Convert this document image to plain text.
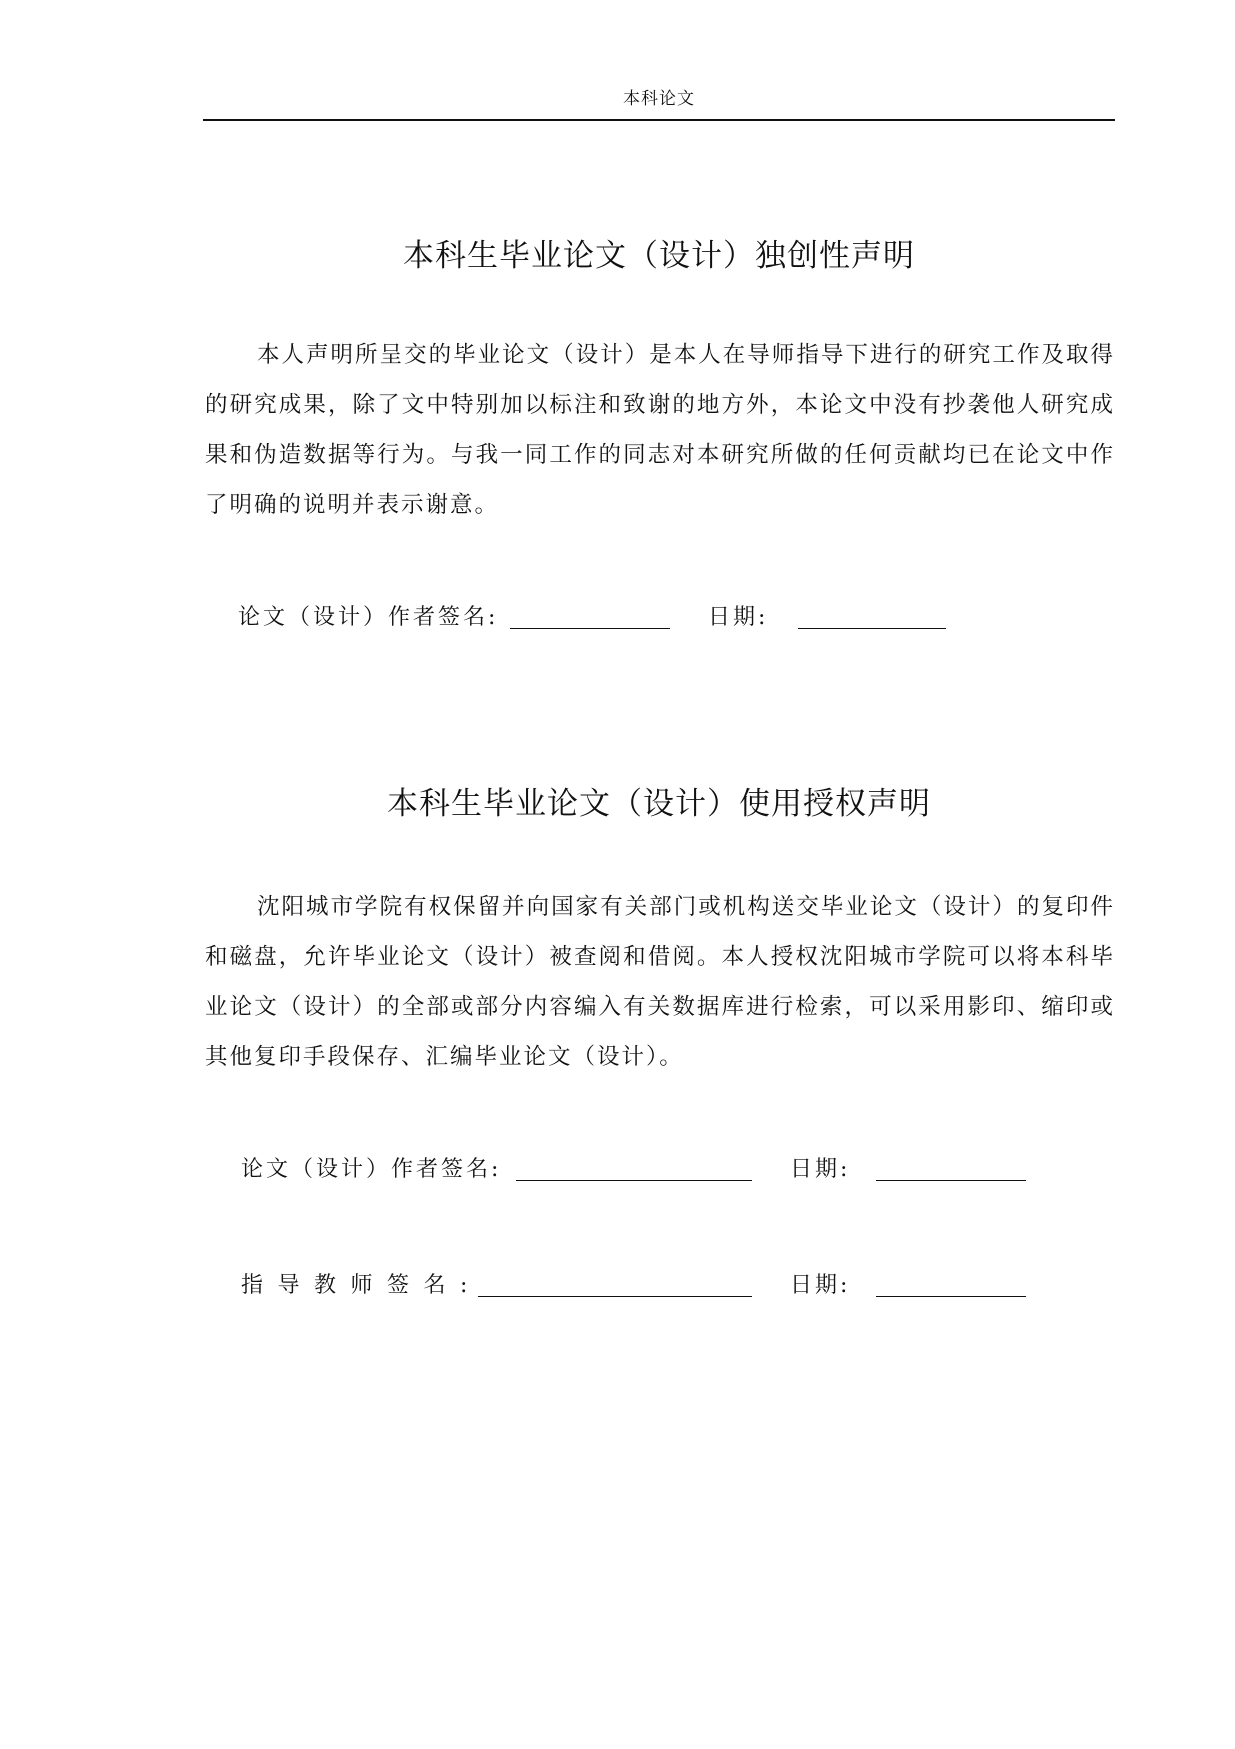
本科论文
本科生毕业论文（设计）独创性声明

本人声明所呈交的毕业论文（设计）是本人在导师指导下进行的研究工作及取得的研究成果，除了文中特别加以标注和致谢的地方外，本论文中没有抄袭他人研究成果和伪造数据等行为。与我一同工作的同志对本研究所做的任何贡献均已在论文中作了明确的说明并表示谢意。

论文（设计）作者签名:	日期:
本科生毕业论文（设计）使用授权声明

沈阳城市学院有权保留并向国家有关部门或机构送交毕业论文（设计）的复印件和磁盘，允许毕业论文（设计）被查阅和借阅。本人授权沈阳城市学院可以将本科毕业论文（设计）的全部或部分内容编入有关数据库进行检索，可以采用影印、缩印或其他复印手段保存、汇编毕业论文（设计）。

论文（设计）作者签名:	日期:
指导教师签名:	日期:
